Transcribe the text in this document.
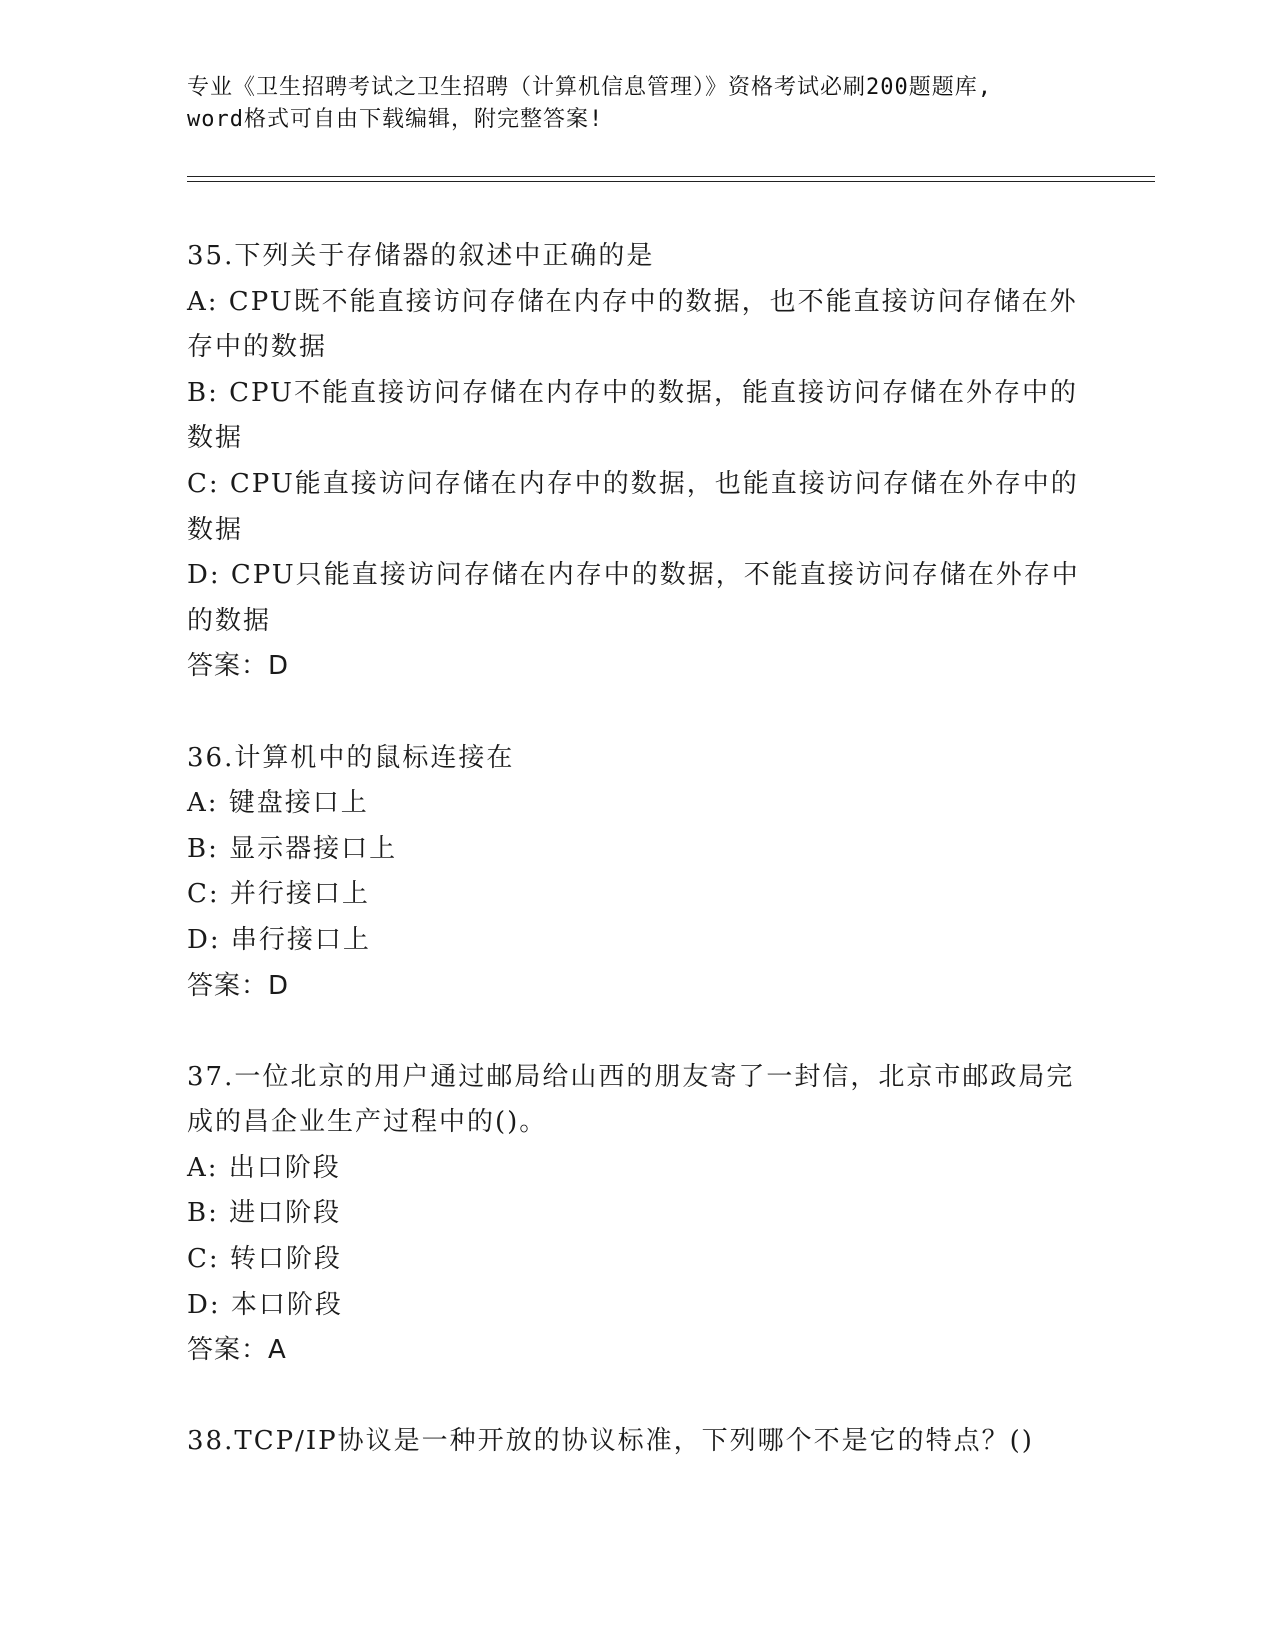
专业《卫生招聘考试之卫生招聘（计算机信息管理）》资格考试必刷200题题库,
word格式可自由下载编辑，附完整答案!
35.下列关于存储器的叙述中正确的是
A: CPU既不能直接访问存储在内存中的数据，也不能直接访问存储在外存中的数据
B: CPU不能直接访问存储在内存中的数据，能直接访问存储在外存中的数据
C: CPU能直接访问存储在内存中的数据，也能直接访问存储在外存中的数据
D: CPU只能直接访问存储在内存中的数据，不能直接访问存储在外存中的数据
答案：D
36.计算机中的鼠标连接在
A: 键盘接口上
B: 显示器接口上
C: 并行接口上
D: 串行接口上
答案：D
37.一位北京的用户通过邮局给山西的朋友寄了一封信，北京市邮政局完成的昌企业生产过程中的()。
A: 出口阶段
B: 进口阶段
C: 转口阶段
D: 本口阶段
答案：A
38.TCP/IP协议是一种开放的协议标准，下列哪个不是它的特点？()
